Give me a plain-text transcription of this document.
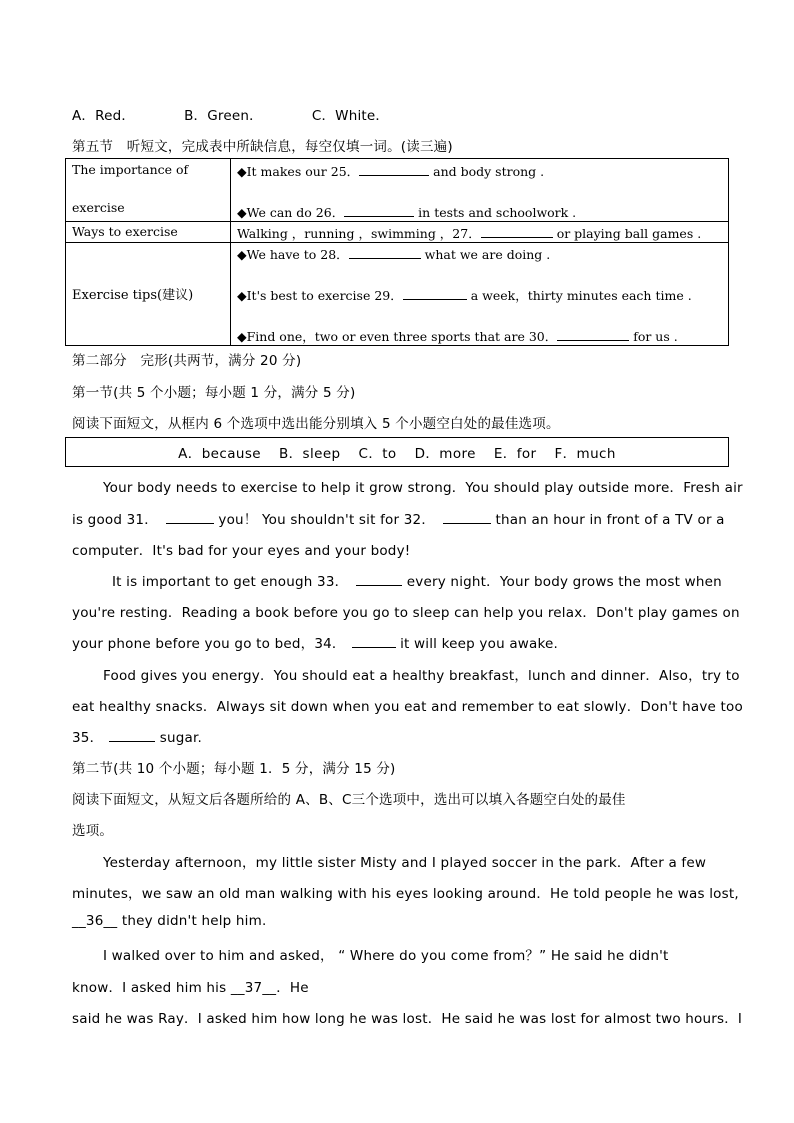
A．Red．	B．Green．	C．White．
第五节　听短文，完成表中所缺信息，每空仅填一词。(读三遍)
The importance of
exercise	◆It makes our 25． and body strong .
◆We can do 26． in tests and schoolwork .

Ways to exercise	Walking ，running ，swimming ，27． or playing ball games .

Exercise tips(建议)	◆We have to 28． what we are doing .
◆It's best to exercise 29． a week，thirty minutes each time .
◆Find one，two or even three sports that are 30． for us .
第二部分　完形(共两节，满分 20 分)
第一节(共 5 个小题；每小题 1 分，满分 5 分)
阅读下面短文，从框内 6 个选项中选出能分别填入 5 个小题空白处的最佳选项。
A．because B．sleep C．to D．more E．for F．much
Your body needs to exercise to help it grow strong．You should play outside more．Fresh air
is good 31．	you！ You shouldn't sit for 32．	than an hour in front of a TV or a
computer．It's bad for your eyes and your body!
It is important to get enough 33．	every night．Your body grows the most when
you're resting．Reading a book before you go to sleep can help you relax．Don't play games on
your phone before you go to bed，34．	it will keep you awake.
Food gives you energy．You should eat a healthy breakfast，lunch and dinner．Also，try to
eat healthy snacks．Always sit down when you eat and remember to eat slowly．Don't have too
35．	sugar.
第二节(共 10 个小题；每小题 1．5 分，满分 15 分)
阅读下面短文，从短文后各题所给的 A、B、C三个选项中，选出可以填入各题空白处的最佳
选项。
Yesterday afternoon，my little sister Misty and I played soccer in the park．After a few
minutes，we saw an old man walking with his eyes looking around．He told people he was lost,
__36__ they didn't help him.
I walked over to him and asked， “ Where do you come from？” He said he didn't
know．I asked him his __37__．He
said he was Ray．I asked him how long he was lost．He said he was lost for almost two hours．I
